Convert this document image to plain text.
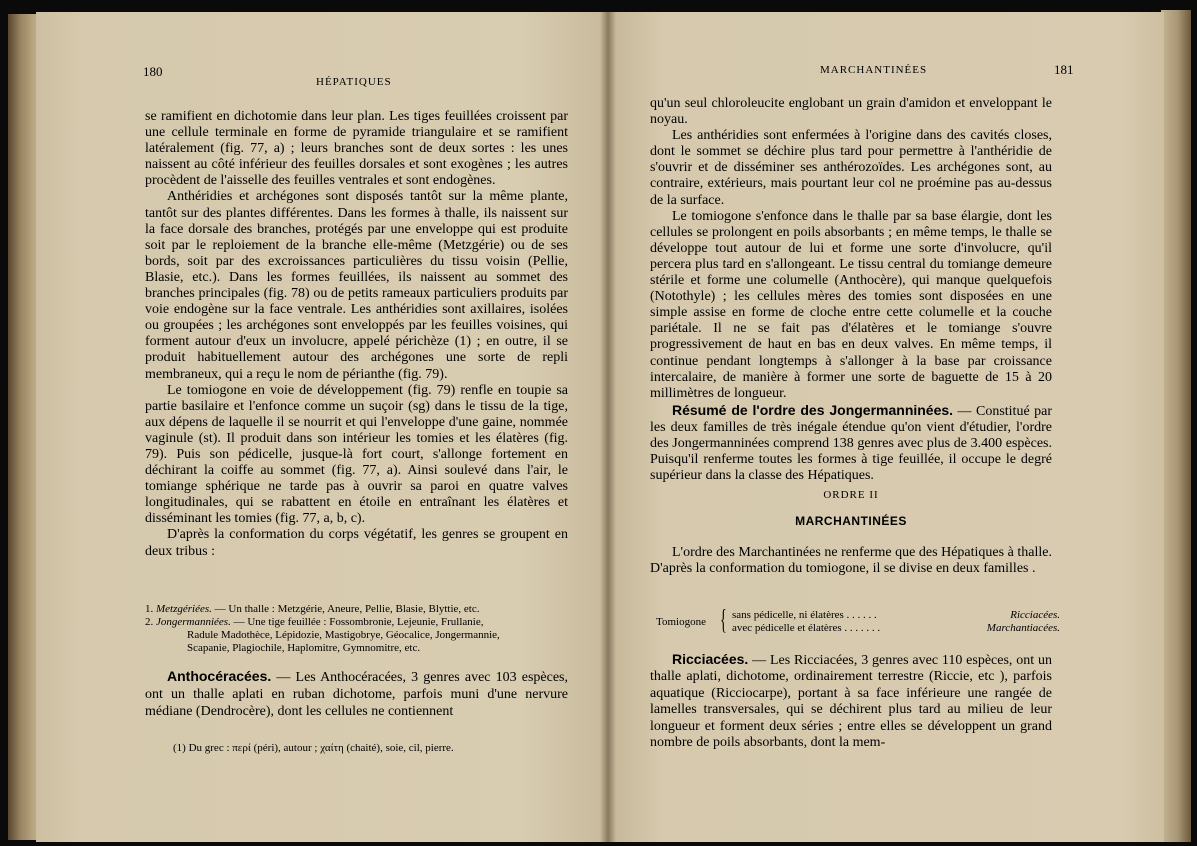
180
HÉPATIQUES

se ramifient en dichotomie dans leur plan. Les tiges feuillées croissent par une cellule terminale en forme de pyramide triangulaire et se ramifient latéralement (fig. 77, a) ; leurs branches sont de deux sortes : les unes naissent au côté inférieur des feuilles dorsales et sont exogènes ; les autres procèdent de l'aisselle des feuilles ventrales et sont endogènes.

Anthéridies et archégones sont disposés tantôt sur la même plante, tantôt sur des plantes différentes. Dans les formes à thalle, ils naissent sur la face dorsale des branches, protégés par une enveloppe qui est produite soit par le reploiement de la branche elle-même (Metzgérie) ou de ses bords, soit par des excroissances particulières du tissu voisin (Pellie, Blasie, etc.). Dans les formes feuillées, ils naissent au sommet des branches principales (fig. 78) ou de petits rameaux particuliers produits par voie endogène sur la face ventrale. Les anthéridies sont axillaires, isolées ou groupées ; les archégones sont enveloppés par les feuilles voisines, qui forment autour d'eux un involucre, appelé périchèze (1) ; en outre, il se produit habituellement autour des archégones une sorte de repli membraneux, qui a reçu le nom de périanthe (fig. 79).

Le tomiogone en voie de développement (fig. 79) renfle en toupie sa partie basilaire et l'enfonce comme un suçoir (sg) dans le tissu de la tige, aux dépens de laquelle il se nourrit et qui l'enveloppe d'une gaine, nommée vaginule (st). Il produit dans son intérieur les tomies et les élatères (fig. 79). Puis son pédicelle, jusque-là fort court, s'allonge fortement en déchirant la coiffe au sommet (fig. 77, a). Ainsi soulevé dans l'air, le tomiange sphérique ne tarde pas à ouvrir sa paroi en quatre valves longitudinales, qui se rabattent en étoile en entraînant les élatères et disséminant les tomies (fig. 77, a, b, c).

D'après la conformation du corps végétatif, les genres se groupent en deux tribus :

1. Metzgériées. — Un thalle : Metzgérie, Aneure, Pellie, Blasie, Blyttie, etc.
2. Jongermanniées. — Une tige feuillée : Fossombronie, Lejeunie, Frullanie,
Radule Madothèce, Lépidozie, Mastigobrye, Géocalice, Jongermannie,
Scapanie, Plagiochile, Haplomitre, Gymnomitre, etc.

Anthocéracées. — Les Anthocéracées, 3 genres avec 103 espèces, ont un thalle aplati en ruban dichotome, parfois muni d'une nervure médiane (Dendrocère), dont les cellules ne contiennent

(1) Du grec : περί (péri), autour ; χαίτη (chaité), soie, cil, pierre.
MARCHANTINÉES	181

qu'un seul chloroleucite englobant un grain d'amidon et enveloppant le noyau.

Les anthéridies sont enfermées à l'origine dans des cavités closes, dont le sommet se déchire plus tard pour permettre à l'anthéridie de s'ouvrir et de disséminer ses anthérozoïdes. Les archégones sont, au contraire, extérieurs, mais pourtant leur col ne proéminе pas au-dessus de la surface.

Le tomiogone s'enfonce dans le thalle par sa base élargie, dont les cellules se prolongent en poils absorbants ; en même temps, le thalle se développe tout autour de lui et forme une sorte d'involucre, qu'il percera plus tard en s'allongeant. Le tissu central du tomiange demeure stérile et forme une columelle (Anthocère), qui manque quelquefois (Notothyle) ; les cellules mères des tomies sont disposées en une simple assise en forme de cloche entre cette columelle et la couche pariétale. Il ne se fait pas d'élatères et le tomiange s'ouvre progressivement de haut en bas en deux valves. En même temps, il continue pendant longtemps à s'allonger à la base par croissance intercalaire, de manière à former une sorte de baguette de 15 à 20 millimètres de longueur.

Résumé de l'ordre des Jongermanninées. — Constitué par les deux familles de très inégale étendue qu'on vient d'étudier, l'ordre des Jongermanninées comprend 138 genres avec plus de 3.400 espèces. Puisqu'il renferme toutes les formes à tige feuillée, il occupe le degré supérieur dans la classe des Hépatiques.

ORDRE II
MARCHANTINÉES

L'ordre des Marchantinées ne renferme que des Hépatiques à thalle. D'après la conformation du tomiogone, il se divise en deux familles .

Tomiogone { sans pédicelle, ni élatères . . . . . .	Ricciacées.
avec pédicelle et élatères . . . . . . .	Marchantiacées.

Ricciacées. — Les Ricciacées, 3 genres avec 110 espèces, ont un thalle aplati, dichotome, ordinairement terrestre (Riccie, etc ), parfois aquatique (Ricciocarpe), portant à sa face inférieure une rangée de lamelles transversales, qui se déchirent plus tard au milieu de leur longueur et forment deux séries ; entre elles se développent un grand nombre de poils absorbants, dont la mem-
